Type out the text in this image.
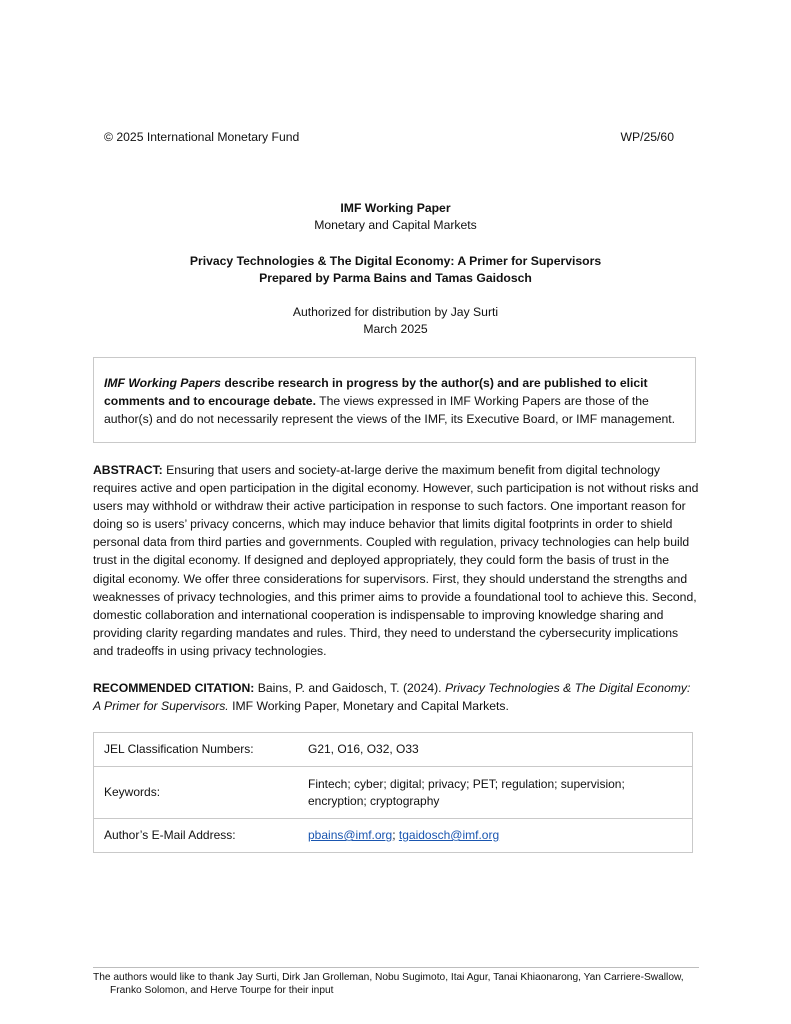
© 2025 International Monetary Fund	WP/25/60
IMF Working Paper
Monetary and Capital Markets
Privacy Technologies & The Digital Economy: A Primer for Supervisors
Prepared by Parma Bains and Tamas Gaidosch
Authorized for distribution by Jay Surti
March 2025
IMF Working Papers describe research in progress by the author(s) and are published to elicit comments and to encourage debate. The views expressed in IMF Working Papers are those of the author(s) and do not necessarily represent the views of the IMF, its Executive Board, or IMF management.
ABSTRACT: Ensuring that users and society-at-large derive the maximum benefit from digital technology requires active and open participation in the digital economy. However, such participation is not without risks and users may withhold or withdraw their active participation in response to such factors. One important reason for doing so is users’ privacy concerns, which may induce behavior that limits digital footprints in order to shield personal data from third parties and governments. Coupled with regulation, privacy technologies can help build trust in the digital economy. If designed and deployed appropriately, they could form the basis of trust in the digital economy. We offer three considerations for supervisors. First, they should understand the strengths and weaknesses of privacy technologies, and this primer aims to provide a foundational tool to achieve this. Second, domestic collaboration and international cooperation is indispensable to improving knowledge sharing and providing clarity regarding mandates and rules. Third, they need to understand the cybersecurity implications and tradeoffs in using privacy technologies.
RECOMMENDED CITATION: Bains, P. and Gaidosch, T. (2024). Privacy Technologies & The Digital Economy: A Primer for Supervisors. IMF Working Paper, Monetary and Capital Markets.
JEL Classification Numbers:	G21, O16, O32, O33
Keywords:	Fintech; cyber; digital; privacy; PET; regulation; supervision; encryption; cryptography
Author’s E-Mail Address:	pbains@imf.org; tgaidosch@imf.org
The authors would like to thank Jay Surti, Dirk Jan Grolleman, Nobu Sugimoto, Itai Agur, Tanai Khiaonarong, Yan Carriere-Swallow,
Franko Solomon, and Herve Tourpe for their input
